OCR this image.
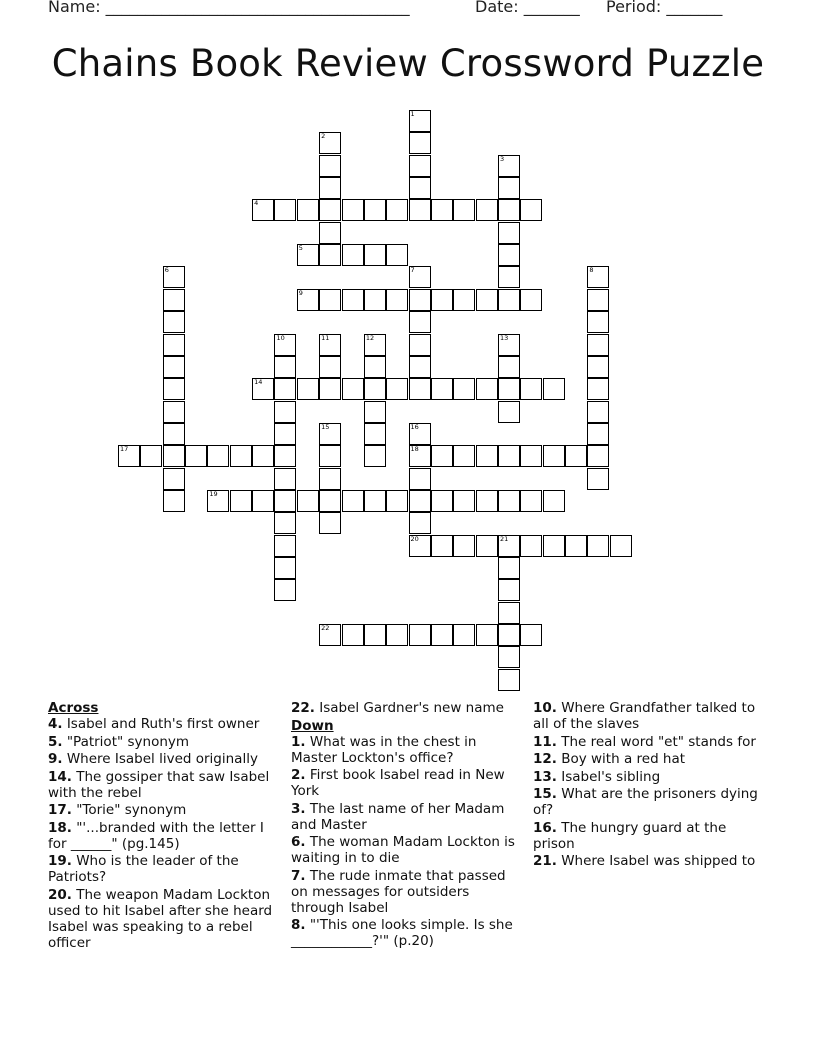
Name: ______________________________________	Date: _______ Period: _______
Chains Book Review Crossword Puzzle
1
2
3
4
5
6	7	8
9
10	11	12	13
14
15	16
18
20
17
19
21
22
Across
4. Isabel and Ruth's first owner
5. "Patriot" synonym
9. Where Isabel lived originally
14. The gossiper that saw Isabel with the rebel
17. "Torie" synonym
18. "'...branded with the letter I for ______" (pg.145)
19. Who is the leader of the Patriots?
20. The weapon Madam Lockton used to hit Isabel after she heard Isabel was speaking to a rebel officer
22. Isabel Gardner's new name
Down
1. What was in the chest in Master Lockton's office?
2. First book Isabel read in New York
3. The last name of her Madam and Master
6. The woman Madam Lockton is waiting in to die
7. The rude inmate that passed on messages for outsiders through Isabel
8. "'This one looks simple. Is she ____________?'" (p.20)
10. Where Grandfather talked to all of the slaves
11. The real word "et" stands for
12. Boy with a red hat
13. Isabel's sibling
15. What are the prisoners dying of?
16. The hungry guard at the prison
21. Where Isabel was shipped to
